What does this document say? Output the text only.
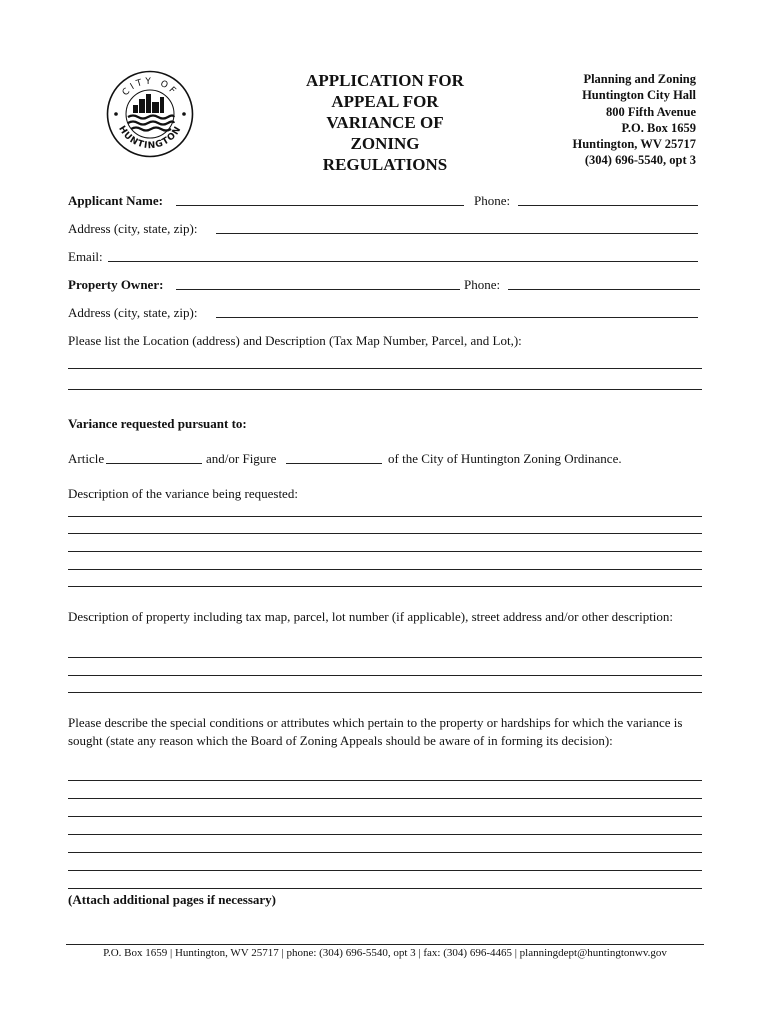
CITY OF
HUNTINGTON
APPLICATION FOR
APPEAL FOR
VARIANCE OF
ZONING
REGULATIONS
Planning and Zoning
Huntington City Hall
800 Fifth Avenue
P.O. Box 1659
Huntington, WV 25717
(304) 696-5540, opt 3
Applicant Name:	Phone:
Address (city, state, zip):
Email:
Property Owner:	Phone:
Address (city, state, zip):
Please list the Location (address) and Description (Tax Map Number, Parcel, and Lot,):
Variance requested pursuant to:
Article	and/or Figure	of the City of Huntington Zoning Ordinance.
Description of the variance being requested:
Description of property including tax map, parcel, lot number (if applicable), street address and/or other description:
Please describe the special conditions or attributes which pertain to the property or hardships for which the variance is sought (state any reason which the Board of Zoning Appeals should be aware of in forming its decision):
(Attach additional pages if necessary)
P.O. Box 1659 | Huntington, WV 25717 | phone: (304) 696-5540, opt 3 | fax: (304) 696-4465 | planningdept@huntingtonwv.gov
